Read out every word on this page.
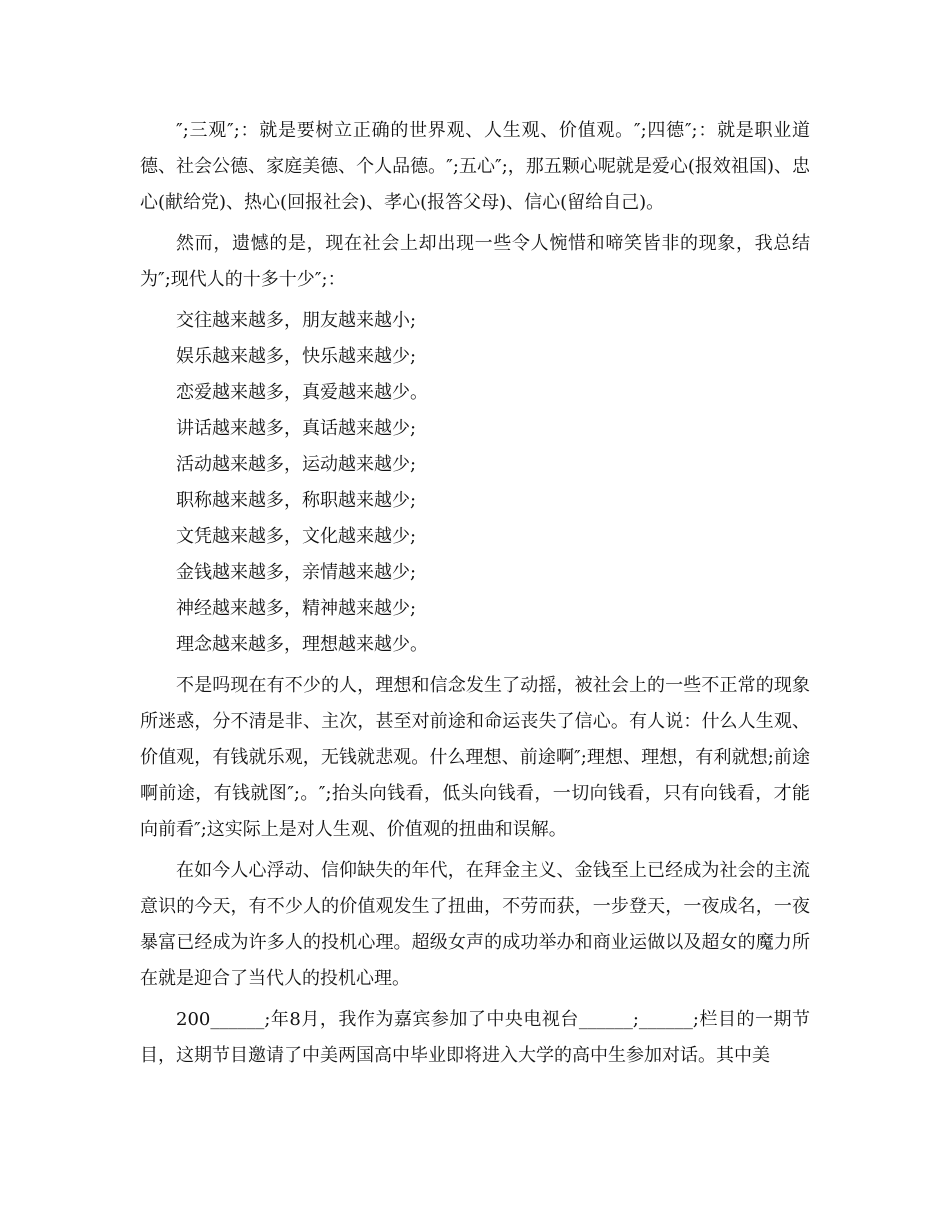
″;三观″;：就是要树立正确的世界观、人生观、价值观。″;四德″;：就是职业道德、社会公德、家庭美德、个人品德。″;五心″;，那五颗心呢就是爱心(报效祖国)、忠心(献给党)、热心(回报社会)、孝心(报答父母)、信心(留给自己)。

然而，遗憾的是，现在社会上却出现一些令人惋惜和啼笑皆非的现象，我总结为″;现代人的十多十少″;：

交往越来越多，朋友越来越小;

娱乐越来越多，快乐越来越少;

恋爱越来越多，真爱越来越少。

讲话越来越多，真话越来越少;

活动越来越多，运动越来越少;

职称越来越多，称职越来越少;

文凭越来越多，文化越来越少;

金钱越来越多，亲情越来越少;

神经越来越多，精神越来越少;

理念越来越多，理想越来越少。

不是吗现在有不少的人，理想和信念发生了动摇，被社会上的一些不正常的现象所迷惑，分不清是非、主次，甚至对前途和命运丧失了信心。有人说：什么人生观、价值观，有钱就乐观，无钱就悲观。什么理想、前途啊″;理想、理想，有利就想;前途啊前途，有钱就图″;。″;抬头向钱看，低头向钱看，一切向钱看，只有向钱看，才能向前看″;这实际上是对人生观、价值观的扭曲和误解。

在如今人心浮动、信仰缺失的年代，在拜金主义、金钱至上已经成为社会的主流意识的今天，有不少人的价值观发生了扭曲，不劳而获，一步登天，一夜成名，一夜暴富已经成为许多人的投机心理。超级女声的成功举办和商业运做以及超女的魔力所在就是迎合了当代人的投机心理。

200______;年8月，我作为嘉宾参加了中央电视台______;______;栏目的一期节目，这期节目邀请了中美两国高中毕业即将进入大学的高中生参加对话。其中美
